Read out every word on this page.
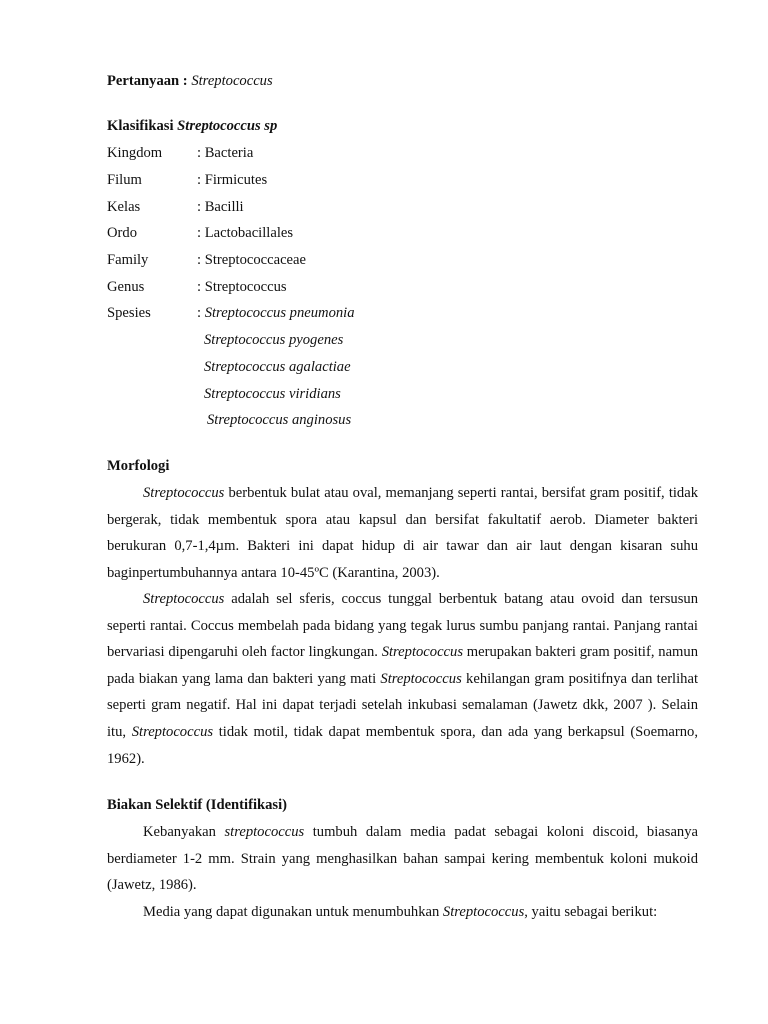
Pertanyaan : Streptococcus
Klasifikasi Streptococcus sp
Kingdom : Bacteria
Filum	: Firmicutes
Kelas	: Bacilli
Ordo	: Lactobacillales
Family	: Streptococcaceae
Genus	: Streptococcus
Spesies	: Streptococcus pneumonia
Streptococcus pyogenes
Streptococcus agalactiae
Streptococcus viridians
Streptococcus anginosus
Morfologi

Streptococcus berbentuk bulat atau oval, memanjang seperti rantai, bersifat gram positif, tidak bergerak, tidak membentuk spora atau kapsul dan bersifat fakultatif aerob. Diameter bakteri berukuran 0,7-1,4µm. Bakteri ini dapat hidup di air tawar dan air laut dengan kisaran suhu baginpertumbuhannya antara 10-45ºC (Karantina, 2003).

Streptococcus adalah sel sferis, coccus tunggal berbentuk batang atau ovoid dan tersusun seperti rantai. Coccus membelah pada bidang yang tegak lurus sumbu panjang rantai. Panjang rantai bervariasi dipengaruhi oleh factor lingkungan. Streptococcus merupakan bakteri gram positif, namun pada biakan yang lama dan bakteri yang mati Streptococcus kehilangan gram positifnya dan terlihat seperti gram negatif. Hal ini dapat terjadi setelah inkubasi semalaman (Jawetz dkk, 2007 ). Selain itu, Streptococcus tidak motil, tidak dapat membentuk spora, dan ada yang berkapsul (Soemarno, 1962).

Biakan Selektif (Identifikasi)

Kebanyakan streptococcus tumbuh dalam media padat sebagai koloni discoid, biasanya berdiameter 1-2 mm. Strain yang menghasilkan bahan sampai kering membentuk koloni mukoid (Jawetz, 1986).

Media yang dapat digunakan untuk menumbuhkan Streptococcus, yaitu sebagai berikut:
